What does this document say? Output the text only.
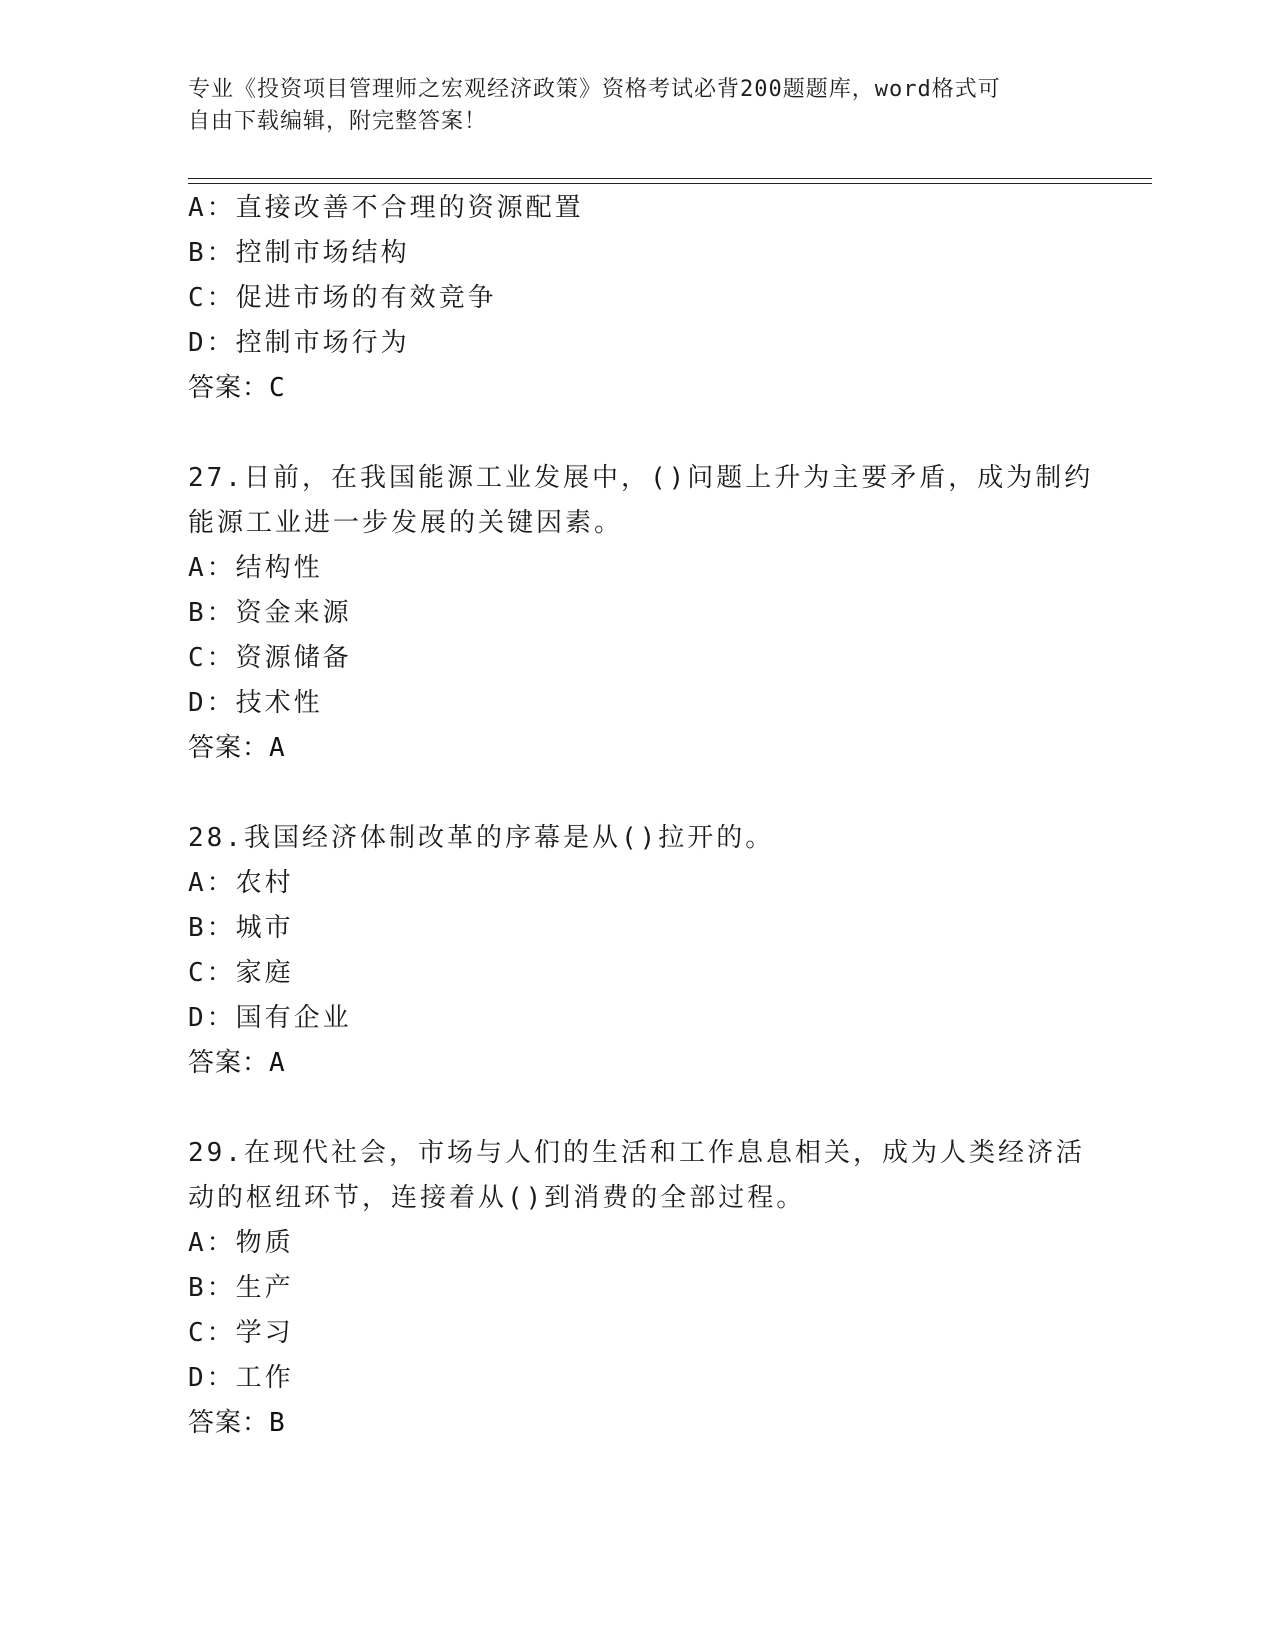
专业《投资项目管理师之宏观经济政策》资格考试必背200题题库，word格式可
自由下载编辑，附完整答案！
A：直接改善不合理的资源配置
B：控制市场结构
C：促进市场的有效竞争
D：控制市场行为
答案：C
27.日前，在我国能源工业发展中，()问题上升为主要矛盾，成为制约
能源工业进一步发展的关键因素。
A：结构性
B：资金来源
C：资源储备
D：技术性
答案：A
28.我国经济体制改革的序幕是从()拉开的。
A：农村
B：城市
C：家庭
D：国有企业
答案：A
29.在现代社会，市场与人们的生活和工作息息相关，成为人类经济活
动的枢纽环节，连接着从()到消费的全部过程。
A：物质
B：生产
C：学习
D：工作
答案：B
